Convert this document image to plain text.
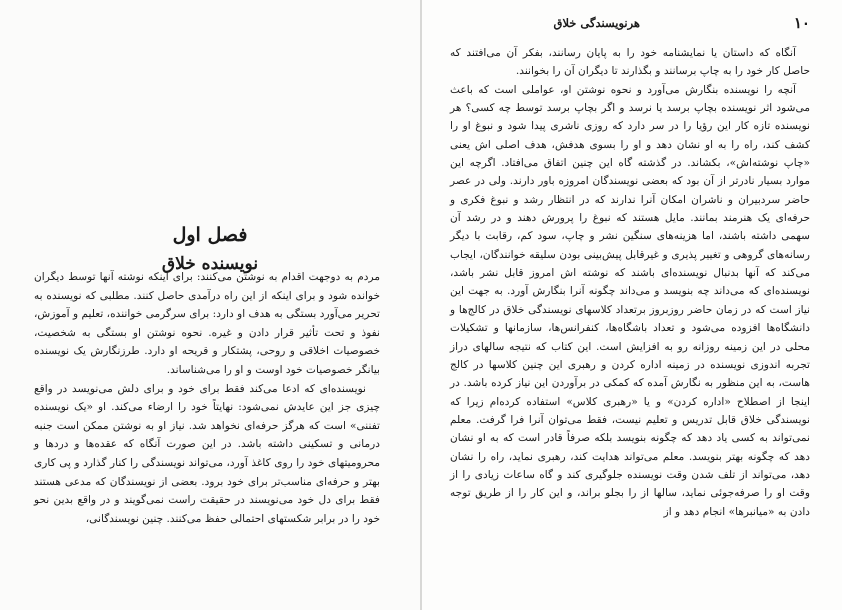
فصل اول
نویسنده خلاق

مردم به دوجهت اقدام به نوشتن می‌کنند: برای اینکه نوشته آنها توسط دیگران خوانده شود و برای اینکه از این راه درآمدی حاصل کنند. مطلبی که نویسنده به تحریر می‌آورد بستگی به هدف او دارد: برای سرگرمی خواننده، تعلیم و آموزش، نفوذ و تحت تأثیر قرار دادن و غیره. نحوه نوشتن او بستگی به شخصیت، خصوصیات اخلاقی و روحی، پشتکار و قریحه او دارد. طرزنگارش یک نویسنده بیانگر خصوصیات خود اوست و او را می‌شناساند.

نویسنده‌ای که ادعا می‌کند فقط برای خود و برای دلش می‌نویسد در واقع چیزی جز این عایدش نمی‌شود: نهایتاً خود را ارضاء می‌کند. او «یک نویسنده تفننی» است که هرگز حرفه‌ای نخواهد شد. نیاز او به نوشتن ممکن است جنبه درمانی و تسکینی داشته باشد. در این صورت آنگاه که عقده‌ها و دردها و محرومیتهای خود را روی کاغذ آورد، می‌تواند نویسندگی را کنار گذارد و پی کاری بهتر و حرفه‌ای مناسب‌تر برای خود برود. بعضی از نویسندگان که مدعی هستند فقط برای دل خود می‌نویسند در حقیقت راست نمی‌گویند و در واقع بدین نحو خود را در برابر شکستهای احتمالی حفظ می‌کنند. چنین نویسندگانی،

١٠
هرنویسندگی خلاق

آنگاه که داستان یا نمایشنامه خود را به پایان رسانند، بفکر آن می‌افتند که حاصل کار خود را به چاپ برسانند و بگذارند تا دیگران آن را بخوانند.

آنچه را نویسنده بنگارش می‌آورد و نحوه نوشتن او، عواملی است که باعث می‌شود اثر نویسنده بچاپ برسد یا نرسد و اگر بچاپ برسد توسط چه کسی؟ هر نویسنده تازه کار این رؤیا را در سر دارد که روزی ناشری پیدا شود و نبوغ او را کشف کند، راه را به او نشان دهد و او را بسوی هدفش، هدف اصلی اش یعنی «چاپ نوشته‌اش»، بکشاند. در گذشته گاه این چنین اتفاق می‌افتاد. اگرچه این موارد بسیار نادرتر از آن بود که بعضی نویسندگان امروزه باور دارند. ولی در عصر حاضر سردبیران و ناشران امکان آنرا ندارند که در انتظار رشد و نبوغ فکری و حرفه‌ای یک هنرمند بمانند. مایل هستند که نبوغ را پرورش دهند و در رشد آن سهمی داشته باشند، اما هزینه‌های سنگین نشر و چاپ، سود کم، رقابت با دیگر رسانه‌های گروهی و تغییر پذیری و غیرقابل پیش‌بینی بودن سلیقه خوانندگان، ایجاب می‌کند که آنها بدنبال نویسنده‌ای باشند که نوشته اش امروز قابل نشر باشد، نویسنده‌ای که می‌داند چه بنویسد و می‌داند چگونه آنرا بنگارش آورد. به جهت این نیاز است که در زمان حاضر روزبروز برتعداد کلاسهای نویسندگی خلاق در کالج‌ها و دانشگاه‌ها افزوده می‌شود و تعداد باشگاه‌ها، کنفرانس‌ها، سازمانها و تشکیلات محلی در این زمینه روزانه رو به افزایش است. این کتاب که نتیجه سالهای دراز تجربه اندوزی نویسنده در زمینه اداره کردن و رهبری این چنین کلاسها در کالج هاست، به این منظور به نگارش آمده که کمکی در برآوردن این نیاز کرده باشد. در اینجا از اصطلاح «اداره کردن» و یا «رهبری کلاس» استفاده کرده‌ام زیرا که نویسندگی خلاق قابل تدریس و تعلیم نیست، فقط می‌توان آنرا فرا گرفت. معلم نمی‌تواند به کسی یاد دهد که چگونه بنویسد بلکه صرفاً قادر است که به او نشان دهد که چگونه بهتر بنویسد. معلم می‌تواند هدایت کند، رهبری نماید، راه را نشان دهد، می‌تواند از تلف شدن وقت نویسنده جلوگیری کند و گاه ساعات زیادی را از وقت او را صرفه‌جوئی نماید، سالها از را بجلو براند، و این کار را از طریق توجه دادن به «میانبرها» انجام دهد و از
